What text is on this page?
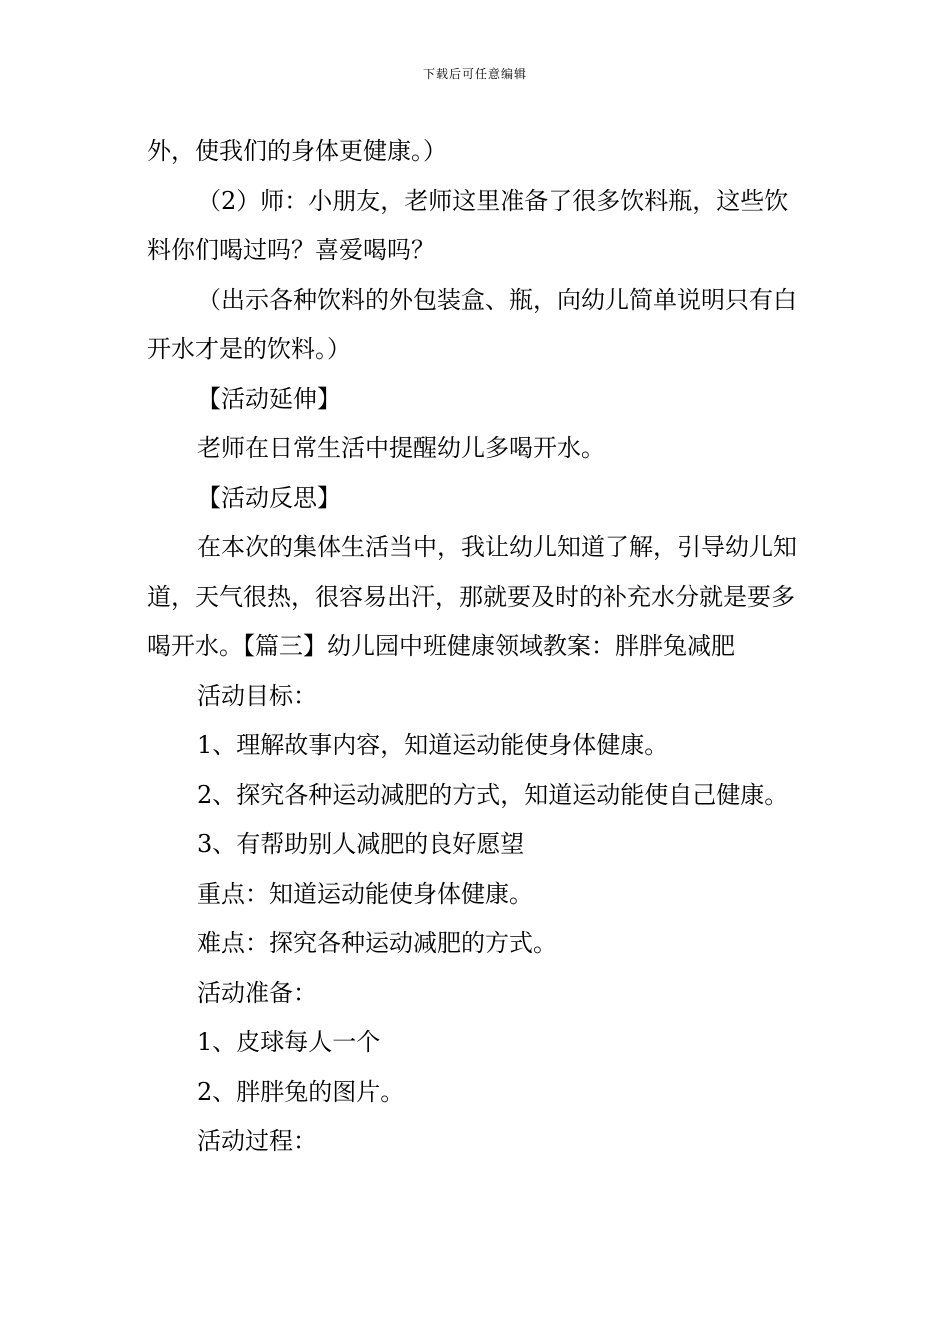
下载后可任意编辑

外，使我们的身体更健康。）

（2）师：小朋友，老师这里准备了很多饮料瓶，这些饮料你们喝过吗？喜爱喝吗？

（出示各种饮料的外包装盒、瓶，向幼儿简单说明只有白开水才是的饮料。）

【活动延伸】

老师在日常生活中提醒幼儿多喝开水。

【活动反思】

在本次的集体生活当中，我让幼儿知道了解，引导幼儿知道，天气很热，很容易出汗，那就要及时的补充水分就是要多喝开水。【篇三】幼儿园中班健康领域教案：胖胖兔减肥

活动目标：

1、理解故事内容，知道运动能使身体健康。

2、探究各种运动减肥的方式，知道运动能使自己健康。

3、有帮助别人减肥的良好愿望

重点：知道运动能使身体健康。

难点：探究各种运动减肥的方式。

活动准备：

1、皮球每人一个

2、胖胖兔的图片。

活动过程：
